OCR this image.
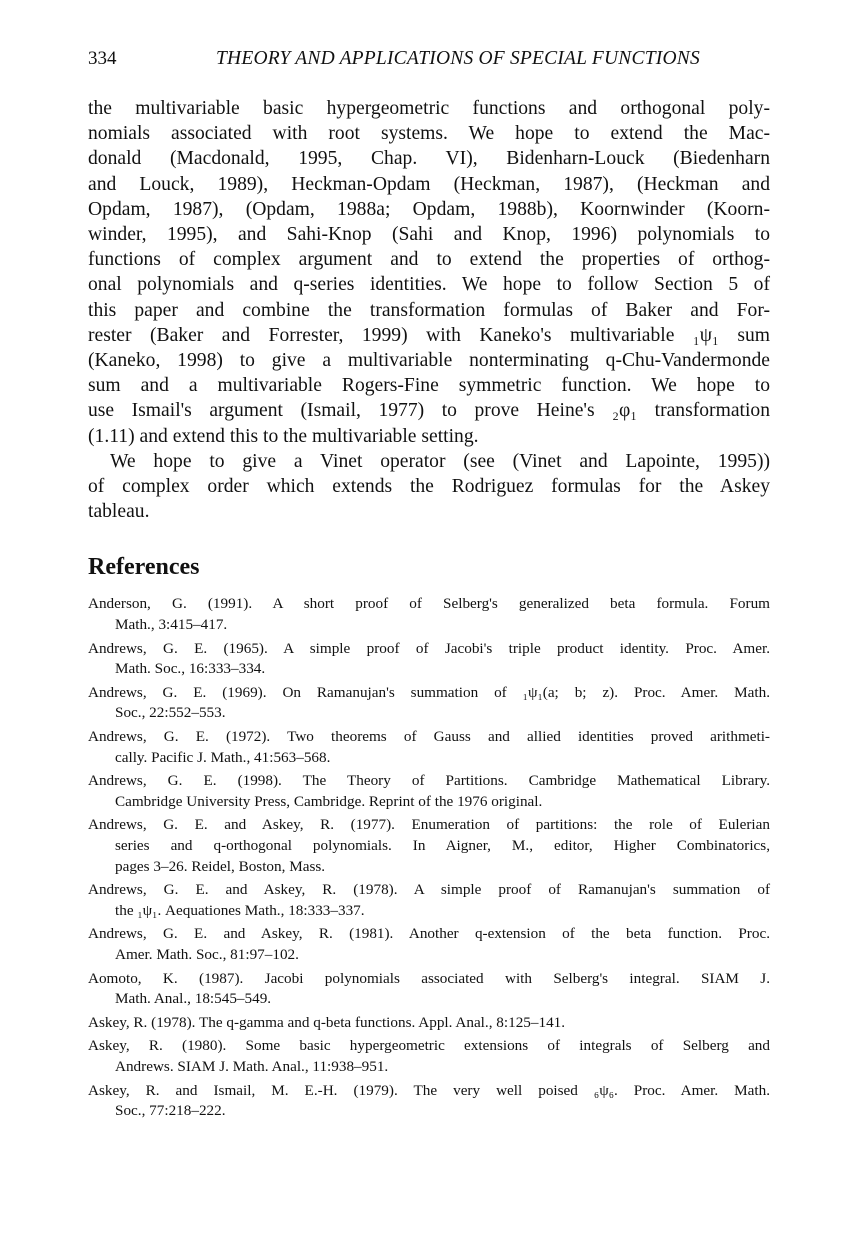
334	THEORY AND APPLICATIONS OF SPECIAL FUNCTIONS
the multivariable basic hypergeometric functions and orthogonal poly-
nomials associated with root systems. We hope to extend the Mac-
donald (Macdonald, 1995, Chap. VI), Bidenharn-Louck (Biedenharn
and Louck, 1989), Heckman-Opdam (Heckman, 1987), (Heckman and
Opdam, 1987), (Opdam, 1988a; Opdam, 1988b), Koornwinder (Koorn-
winder, 1995), and Sahi-Knop (Sahi and Knop, 1996) polynomials to
functions of complex argument and to extend the properties of orthog-
onal polynomials and q-series identities. We hope to follow Section 5 of
this paper and combine the transformation formulas of Baker and For-
rester (Baker and Forrester, 1999) with Kaneko's multivariable ₁ψ₁ sum
(Kaneko, 1998) to give a multivariable nonterminating q-Chu-Vandermonde
sum and a multivariable Rogers-Fine symmetric function. We hope to
use Ismail's argument (Ismail, 1977) to prove Heine's ₂φ₁ transformation
(1.11) and extend this to the multivariable setting.
We hope to give a Vinet operator (see (Vinet and Lapointe, 1995))
of complex order which extends the Rodriguez formulas for the Askey
tableau.
References
Anderson, G. (1991). A short proof of Selberg's generalized beta formula. Forum
Math., 3:415–417.
Andrews, G. E. (1965). A simple proof of Jacobi's triple product identity. Proc. Amer.
Math. Soc., 16:333–334.
Andrews, G. E. (1969). On Ramanujan's summation of ₁ψ₁(a; b; z). Proc. Amer. Math.
Soc., 22:552–553.
Andrews, G. E. (1972). Two theorems of Gauss and allied identities proved arithmeti-
cally. Pacific J. Math., 41:563–568.
Andrews, G. E. (1998). The Theory of Partitions. Cambridge Mathematical Library.
Cambridge University Press, Cambridge. Reprint of the 1976 original.
Andrews, G. E. and Askey, R. (1977). Enumeration of partitions: the role of Eulerian
series and q-orthogonal polynomials. In Aigner, M., editor, Higher Combinatorics,
pages 3–26. Reidel, Boston, Mass.
Andrews, G. E. and Askey, R. (1978). A simple proof of Ramanujan's summation of
the ₁ψ₁. Aequationes Math., 18:333–337.
Andrews, G. E. and Askey, R. (1981). Another q-extension of the beta function. Proc.
Amer. Math. Soc., 81:97–102.
Aomoto, K. (1987). Jacobi polynomials associated with Selberg's integral. SIAM J.
Math. Anal., 18:545–549.
Askey, R. (1978). The q-gamma and q-beta functions. Appl. Anal., 8:125–141.
Askey, R. (1980). Some basic hypergeometric extensions of integrals of Selberg and
Andrews. SIAM J. Math. Anal., 11:938–951.
Askey, R. and Ismail, M. E.-H. (1979). The very well poised ₆ψ₆. Proc. Amer. Math.
Soc., 77:218–222.
